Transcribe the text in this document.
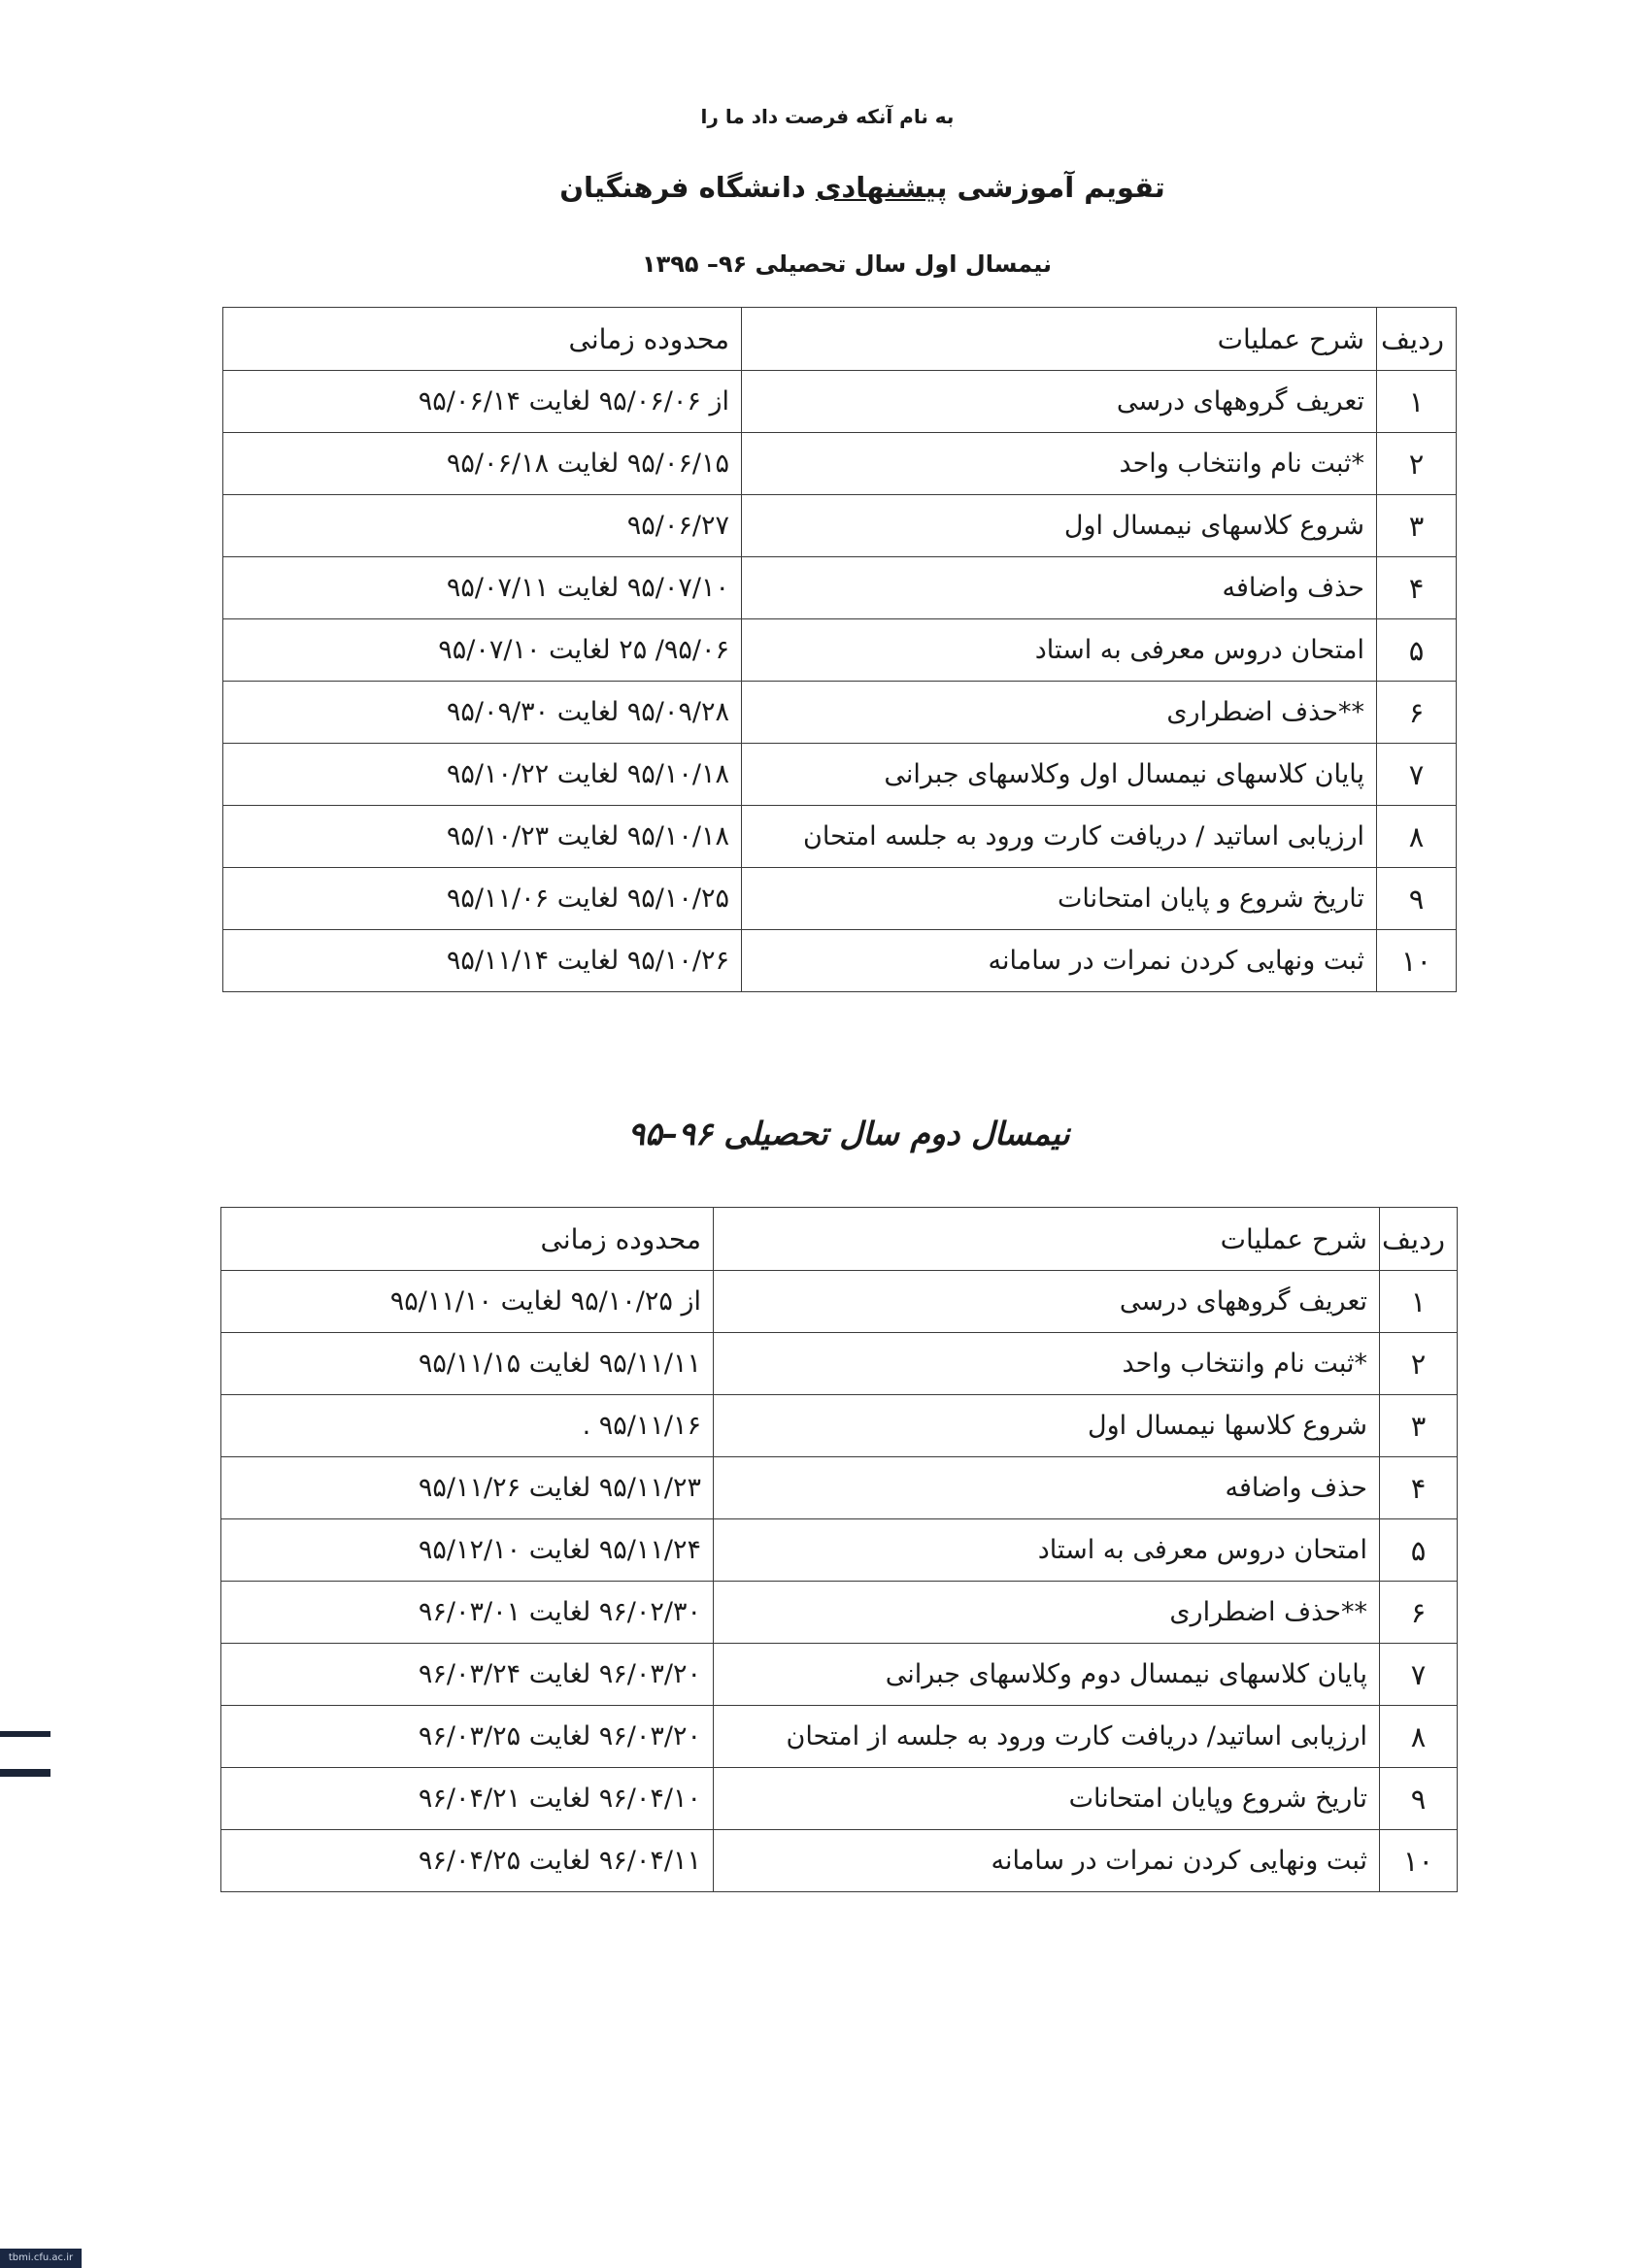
به نام آنکه فرصت داد ما را
تقویم آموزشی پیشنهادی دانشگاه فرهنگیان
نیمسال اول سال تحصیلی ۹۶– ۱۳۹۵
ردیف	شرح عملیات	محدوده زمانی
۱	تعریف گروههای درسی	از ۹۵/۰۶/۰۶ لغایت ۹۵/۰۶/۱۴
۲	*ثبت نام وانتخاب واحد	۹۵/۰۶/۱۵ لغایت ۹۵/۰۶/۱۸
۳	شروع کلاسهای نیمسال اول	۹۵/۰۶/۲۷
۴	حذف واضافه	۹۵/۰۷/۱۰ لغایت ۹۵/۰۷/۱۱
۵	امتحان دروس معرفی به استاد	۹۵/۰۶/ ۲۵ لغایت ۹۵/۰۷/۱۰
۶	**حذف اضطراری	۹۵/۰۹/۲۸ لغایت ۹۵/۰۹/۳۰
۷	پایان کلاسهای نیمسال اول وکلاسهای جبرانی	۹۵/۱۰/۱۸ لغایت ۹۵/۱۰/۲۲
۸	ارزیابی اساتید / دریافت کارت ورود به جلسه امتحان	۹۵/۱۰/۱۸ لغایت ۹۵/۱۰/۲۳
۹	تاریخ شروع و پایان امتحانات	۹۵/۱۰/۲۵ لغایت ۹۵/۱۱/۰۶
۱۰	ثبت ونهایی کردن نمرات در سامانه	۹۵/۱۰/۲۶ لغایت ۹۵/۱۱/۱۴
نیمسال دوم سال تحصیلی ۹۶–۹۵
ردیف	شرح عملیات	محدوده زمانی
۱	تعریف گروههای درسی	از ۹۵/۱۰/۲۵ لغایت ۹۵/۱۱/۱۰
۲	*ثبت نام وانتخاب واحد	۹۵/۱۱/۱۱ لغایت ۹۵/۱۱/۱۵
۳	شروع کلاسها نیمسال اول	۹۵/۱۱/۱۶ .
۴	حذف واضافه	۹۵/۱۱/۲۳ لغایت ۹۵/۱۱/۲۶
۵	امتحان دروس معرفی به استاد	۹۵/۱۱/۲۴ لغایت ۹۵/۱۲/۱۰
۶	**حذف اضطراری	۹۶/۰۲/۳۰ لغایت ۹۶/۰۳/۰۱
۷	پایان کلاسهای نیمسال دوم وکلاسهای جبرانی	۹۶/۰۳/۲۰ لغایت ۹۶/۰۳/۲۴
۸	ارزیابی اساتید/ دریافت کارت ورود به جلسه از امتحان	۹۶/۰۳/۲۰ لغایت ۹۶/۰۳/۲۵
۹	تاریخ شروع وپایان امتحانات	۹۶/۰۴/۱۰ لغایت ۹۶/۰۴/۲۱
۱۰	ثبت ونهایی کردن نمرات در سامانه	۹۶/۰۴/۱۱ لغایت ۹۶/۰۴/۲۵
tbmi.cfu.ac.ir
